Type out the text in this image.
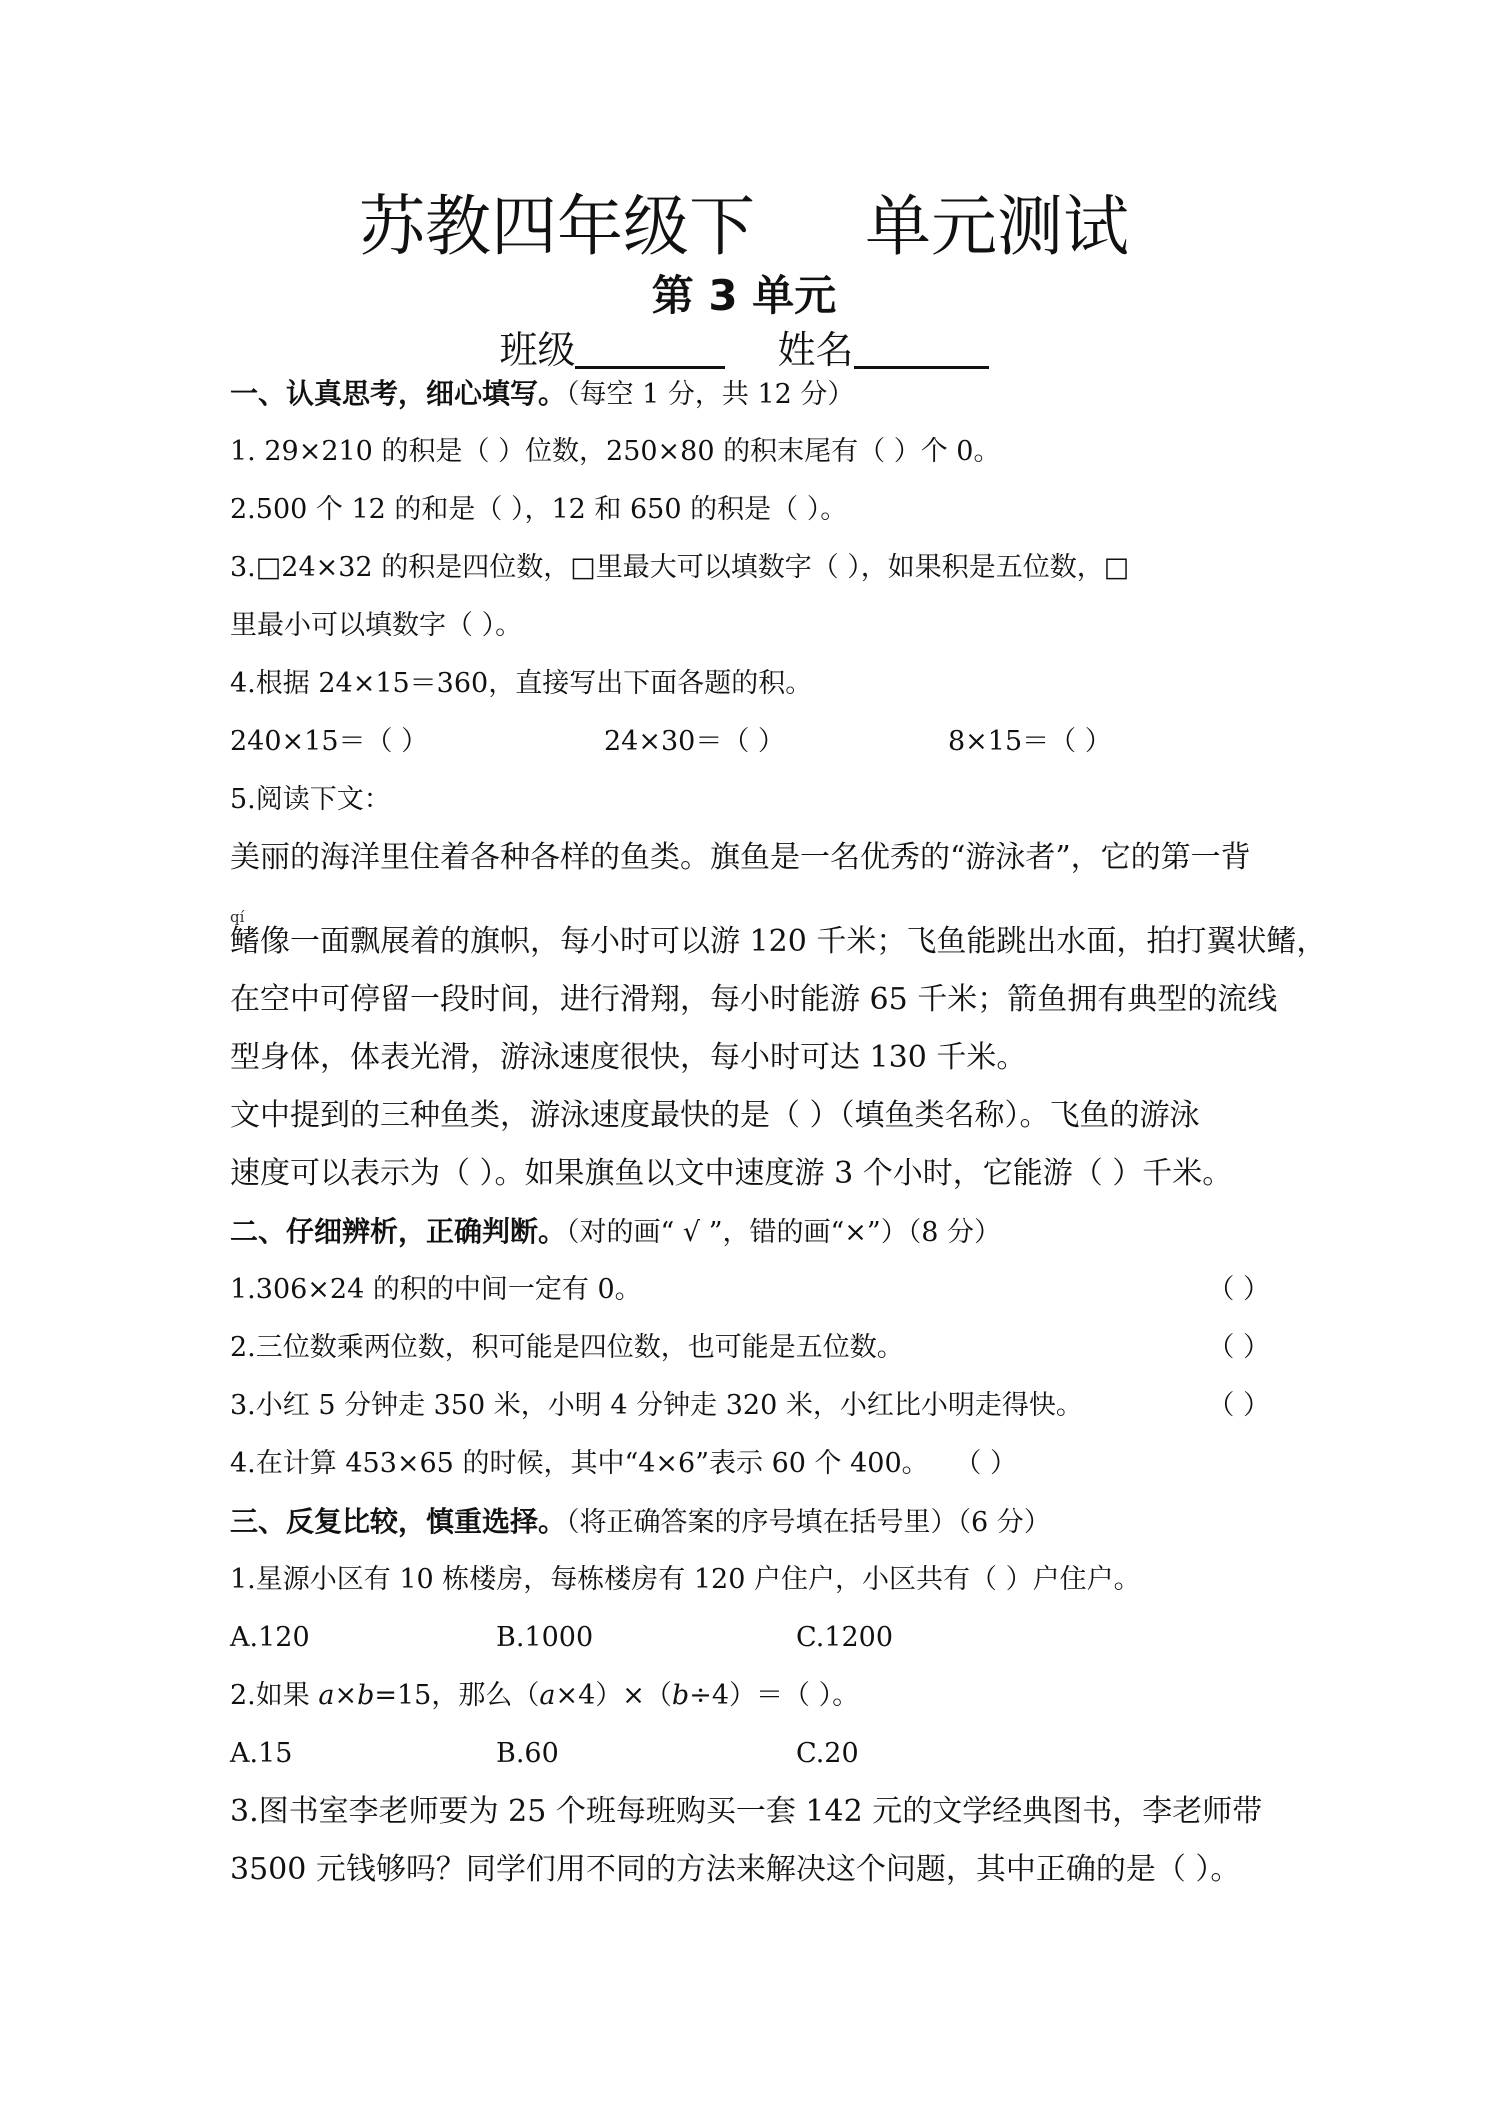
苏教四年级下 单元测试
第 3 单元
班级	姓名
一、认真思考，细心填写。（每空 1 分，共 12 分）
1. 29×210 的积是（ ）位数，250×80 的积末尾有（ ）个 0。
2.500 个 12 的和是（ ），12 和 650 的积是（ ）。
3.□24×32 的积是四位数，□里最大可以填数字（ ），如果积是五位数，□
里最小可以填数字（ ）。
4.根据 24×15＝360，直接写出下面各题的积。
240×15＝（ ）	24×30＝（ ）	8×15＝（ ）
5.阅读下文：
美丽的海洋里住着各种各样的鱼类。旗鱼是一名优秀的“游泳者”，它的第一背
qí
鳍像一面飘展着的旗帜，每小时可以游 120 千米；飞鱼能跳出水面，拍打翼状鳍，
在空中可停留一段时间，进行滑翔，每小时能游 65 千米；箭鱼拥有典型的流线
型身体，体表光滑，游泳速度很快，每小时可达 130 千米。
文中提到的三种鱼类，游泳速度最快的是（ ）（填鱼类名称）。飞鱼的游泳
速度可以表示为（ ）。如果旗鱼以文中速度游 3 个小时，它能游（ ）千米。
二、仔细辨析，正确判断。（对的画“ √ ”，错的画“×”）（8 分）
1.306×24 的积的中间一定有 0。	（ ）
2.三位数乘两位数，积可能是四位数，也可能是五位数。	（ ）
3.小红 5 分钟走 350 米，小明 4 分钟走 320 米，小红比小明走得快。	（ ）
4.在计算 453×65 的时候，其中“4×6”表示 60 个 400。 （ ）
三、反复比较，慎重选择。（将正确答案的序号填在括号里）（6 分）
1.星源小区有 10 栋楼房，每栋楼房有 120 户住户，小区共有（ ）户住户。
A.120	B.1000	C.1200
2.如果 a×b=15，那么（a×4）×（b÷4）＝（ ）。
A.15	B.60	C.20
3.图书室李老师要为 25 个班每班购买一套 142 元的文学经典图书，李老师带
3500 元钱够吗？同学们用不同的方法来解决这个问题，其中正确的是（ ）。
